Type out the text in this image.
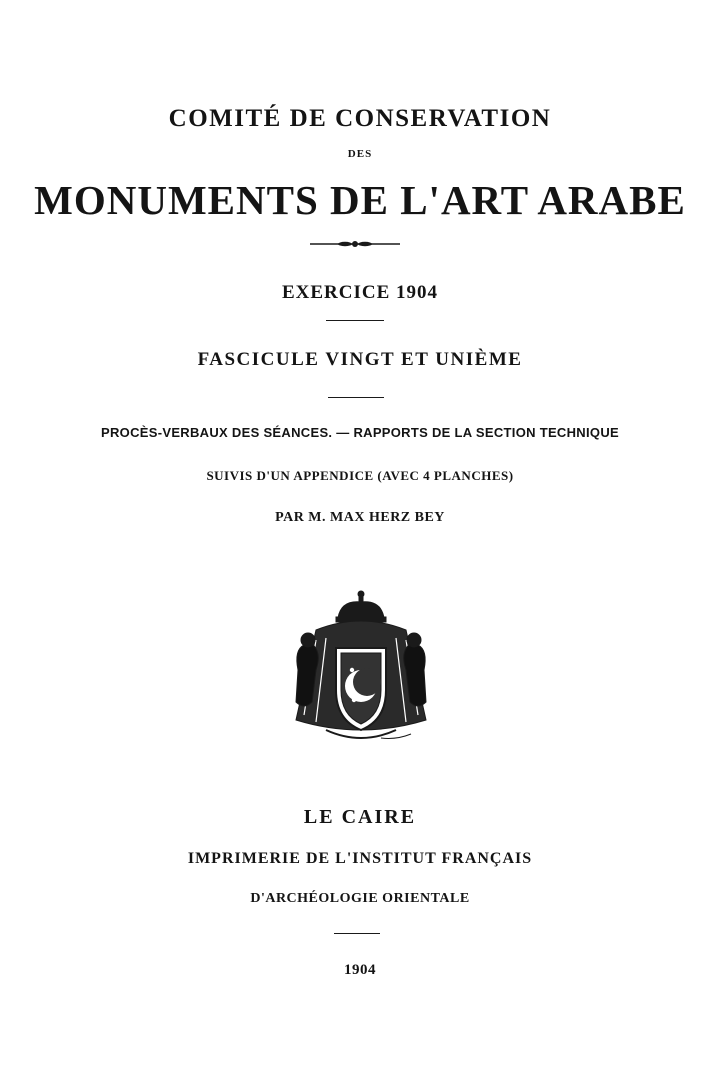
COMITÉ DE CONSERVATION
DES
MONUMENTS DE L'ART ARABE
EXERCICE 1904
FASCICULE VINGT ET UNIÈME
PROCÈS-VERBAUX DES SÉANCES. — RAPPORTS DE LA SECTION TECHNIQUE
SUIVIS D'UN APPENDICE (AVEC 4 PLANCHES)
PAR M. MAX HERZ BEY
LE CAIRE
IMPRIMERIE DE L'INSTITUT FRANÇAIS
D'ARCHÉOLOGIE ORIENTALE
1904
